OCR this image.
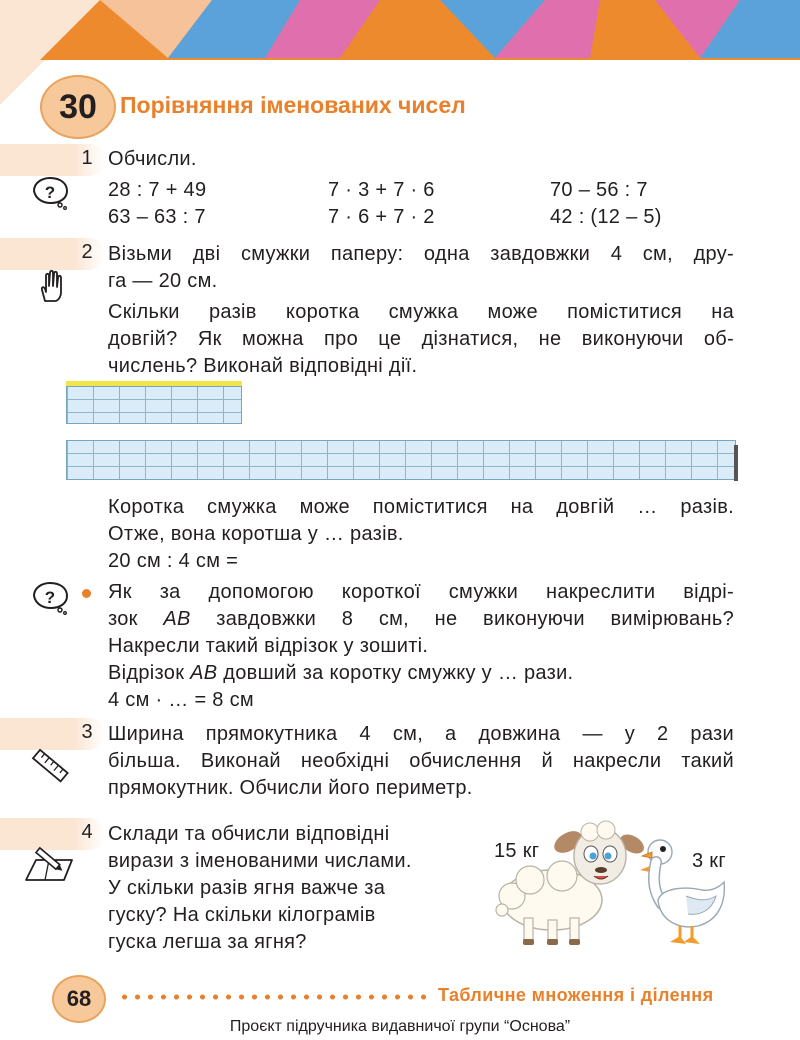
30	Порівняння іменованих чисел
1
?
Обчисли.
28 : 7 + 49	7 · 3 + 7 · 6	70 – 56 : 7
63 – 63 : 7	7 · 6 + 7 · 2	42 : (12 – 5)
2 Візьми дві смужки паперу: одна завдовжки 4 см, дру-
га — 20 см.
Скільки разів коротка смужка може поміститися на
довгій? Як можна про це дізнатися, не виконуючи об-
числень? Виконай відповідні дії.
Коротка смужка може поміститися на довгій … разів.
Отже, вона коротша у … разів.
20 см : 4 см =
?	Як за допомогою короткої смужки накреслити відрі-
зок АВ завдовжки 8 см, не виконуючи вимірювань?
Накресли такий відрізок у зошиті.
Відрізок АВ довший за коротку смужку у … рази.
4 см · … = 8 см
3 Ширина прямокутника 4 см, а довжина — у 2 рази
більша. Виконай необхідні обчислення й накресли такий
прямокутник. Обчисли його периметр.
4 Склади та обчисли відповідні
вирази з іменованими числами.
У скільки разів ягня важче за
гуску? На скільки кілограмів
гуска легша за ягня?
15 кг	3 кг
68	Табличне множення і ділення
Проєкт підручника видавничої групи “Основа”
